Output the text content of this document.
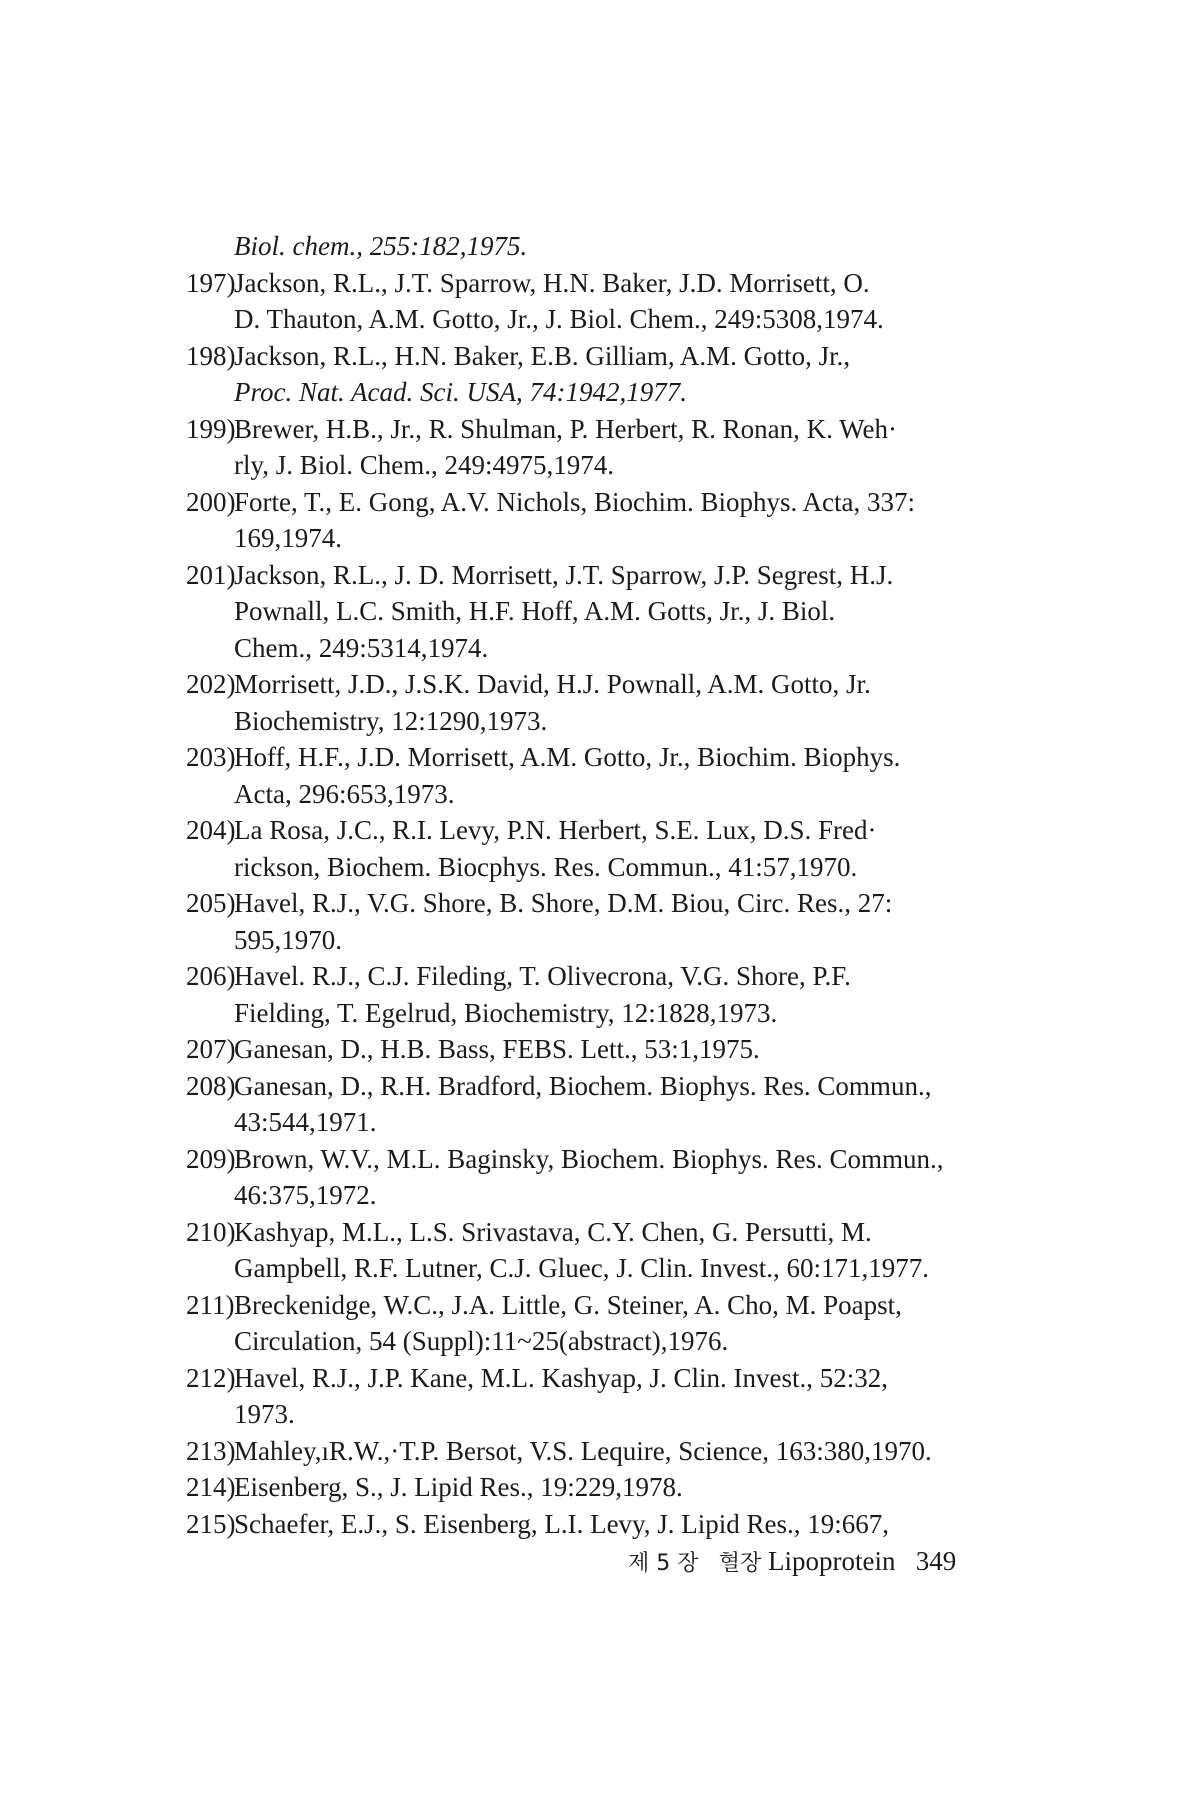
Biol. chem., 255:182,1975.
197)Jackson, R.L., J.T. Sparrow, H.N. Baker, J.D. Morrisett, O.
D. Thauton, A.M. Gotto, Jr., J. Biol. Chem., 249:5308,1974.
198)Jackson, R.L., H.N. Baker, E.B. Gilliam, A.M. Gotto, Jr.,
Proc. Nat. Acad. Sci. USA, 74:1942,1977.
199)Brewer, H.B., Jr., R. Shulman, P. Herbert, R. Ronan, K. Weh·
rly, J. Biol. Chem., 249:4975,1974.
200)Forte, T., E. Gong, A.V. Nichols, Biochim. Biophys. Acta, 337:
169,1974.
201)Jackson, R.L., J. D. Morrisett, J.T. Sparrow, J.P. Segrest, H.J.
Pownall, L.C. Smith, H.F. Hoff, A.M. Gotts, Jr., J. Biol.
Chem., 249:5314,1974.
202)Morrisett, J.D., J.S.K. David, H.J. Pownall, A.M. Gotto, Jr.
Biochemistry, 12:1290,1973.
203)Hoff, H.F., J.D. Morrisett, A.M. Gotto, Jr., Biochim. Biophys.
Acta, 296:653,1973.
204)La Rosa, J.C., R.I. Levy, P.N. Herbert, S.E. Lux, D.S. Fred·
rickson, Biochem. Biocphys. Res. Commun., 41:57,1970.
205)Havel, R.J., V.G. Shore, B. Shore, D.M. Biou, Circ. Res., 27:
595,1970.
206)Havel. R.J., C.J. Fileding, T. Olivecrona, V.G. Shore, P.F.
Fielding, T. Egelrud, Biochemistry, 12:1828,1973.
207)Ganesan, D., H.B. Bass, FEBS. Lett., 53:1,1975.
208)Ganesan, D., R.H. Bradford, Biochem. Biophys. Res. Commun.,
43:544,1971.
209)Brown, W.V., M.L. Baginsky, Biochem. Biophys. Res. Commun.,
46:375,1972.
210)Kashyap, M.L., L.S. Srivastava, C.Y. Chen, G. Persutti, M.
Gampbell, R.F. Lutner, C.J. Gluec, J. Clin. Invest., 60:171,1977.
211)Breckenidge, W.C., J.A. Little, G. Steiner, A. Cho, M. Poapst,
Circulation, 54 (Suppl):11~25(abstract),1976.
212)Havel, R.J., J.P. Kane, M.L. Kashyap, J. Clin. Invest., 52:32,
1973.
213)Mahley,ıR.W.,·T.P. Bersot, V.S. Lequire, Science, 163:380,1970.
214)Eisenberg, S., J. Lipid Res., 19:229,1978.
215)Schaefer, E.J., S. Eisenberg, L.I. Levy, J. Lipid Res., 19:667,
제 5 장 혈장 Lipoprotein 349
